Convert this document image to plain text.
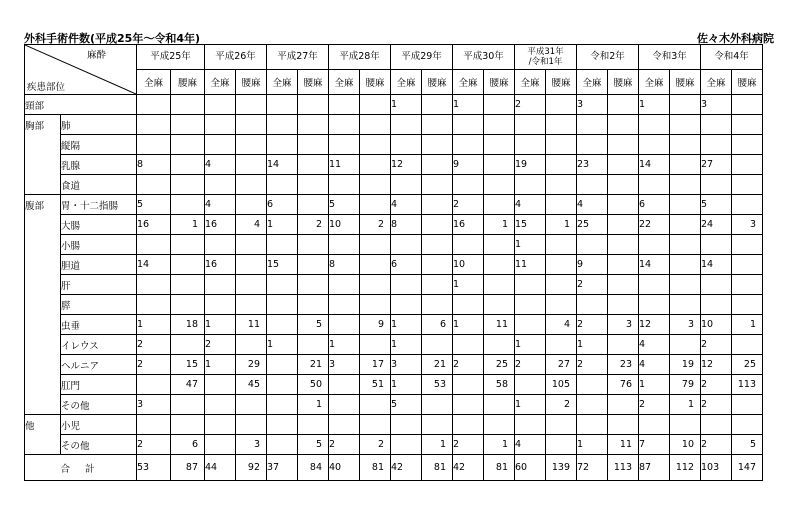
外科手術件数(平成25年～令和4年)	佐々木外科病院
麻酔
疾患部位		平成25年		平成26年		平成27年		平成28年		平成29年		平成30年		平成31年
/令和1年		令和2年		令和3年		令和4年	
		全麻	腰麻	全麻	腰麻	全麻	腰麻	全麻	腰麻	全麻	腰麻	全麻	腰麻	全麻	腰麻	全麻	腰麻	全麻	腰麻	全麻	腰麻
頸部										1		1		2		3		1		3	
胸部	肺																				
	縦隔																				
	乳腺	8		4		14		11		12		9		19		23		14		27	
	食道																				
腹部	胃・十二指腸	5		4		6		5		4		2		4		4		6		5	
	大腸	16	1	16	4	1	2	10	2	8		16	1	15	1	25		22		24	3
	小腸													1							
	胆道	14		16		15		8		6		10		11		9		14		14	
	肝											1				2					
	膵																				
	虫垂	1	18	1	11		5		9	1	6	1	11		4	2	3	12	3	10	1
	イレウス	2		2		1		1		1				1		1		4		2	
	ヘルニア	2	15	1	29		21	3	17	3	21	2	25	2	27	2	23	4	19	12	25
	肛門		47		45		50		51	1	53		58		105		76	1	79	2	113
	その他	3					1			5				1	2			2	1	2	
他	小児																				
	その他	2	6		3		5	2	2		1	2	1	4		1	11	7	10	2	5
合 計		53	87	44	92	37	84	40	81	42	81	42	81	60	139	72	113	87	112	103	147
